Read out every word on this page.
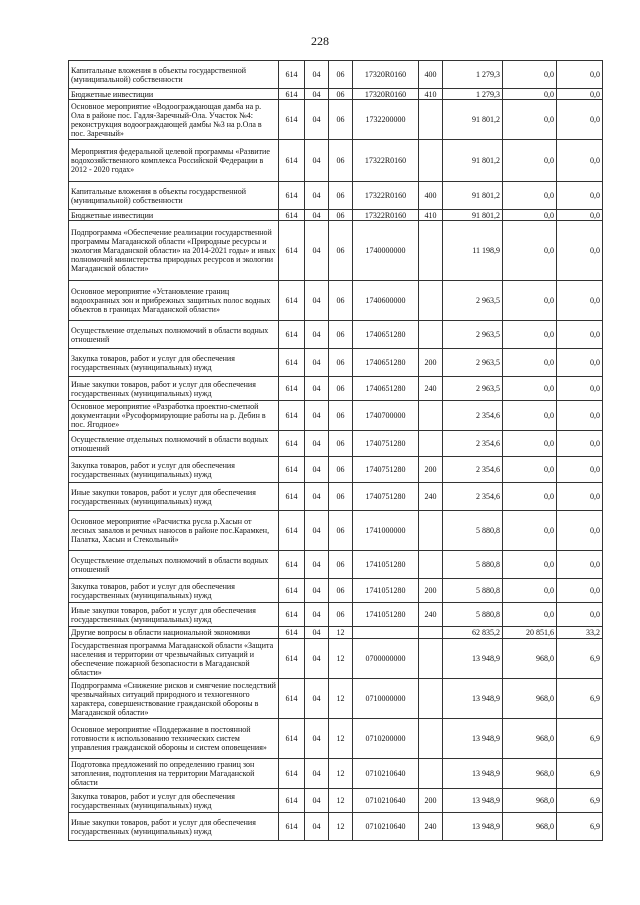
228
Капитальные вложения в объекты государственной (муниципальной) собственности	614	04	06	17320R0160	400	1 279,3	0,0	0,0
Бюджетные инвестиции	614	04	06	17320R0160	410	1 279,3	0,0	0,0
Основное мероприятие «Водоограждающая дамба на р. Ола в районе пос. Гадля-Заречный-Ола. Участок №4: реконструкция водоограждающей дамбы №3 на р.Ола в пос. Заречный»	614	04	06	1732200000		91 801,2	0,0	0,0
Мероприятия федеральной целевой программы «Развитие водохозяйственного комплекса Российской Федерации в 2012 - 2020 годах»	614	04	06	17322R0160		91 801,2	0,0	0,0
Капитальные вложения в объекты государственной (муниципальной) собственности	614	04	06	17322R0160	400	91 801,2	0,0	0,0
Бюджетные инвестиции	614	04	06	17322R0160	410	91 801,2	0,0	0,0
Подпрограмма «Обеспечение реализации государственной программы Магаданской области «Природные ресурсы и экология Магаданской области» на 2014-2021 годы» и иных полномочий министерства природных ресурсов и экологии Магаданской области»	614	04	06	1740000000		11 198,9	0,0	0,0
Основное мероприятие «Установление границ водоохранных зон и прибрежных защитных полос водных объектов в границах Магаданской области»	614	04	06	1740600000		2 963,5	0,0	0,0
Осуществление отдельных полномочий в области водных отношений	614	04	06	1740651280		2 963,5	0,0	0,0
Закупка товаров, работ и услуг для обеспечения государственных (муниципальных) нужд	614	04	06	1740651280	200	2 963,5	0,0	0,0
Иные закупки товаров, работ и услуг для обеспечения государственных (муниципальных) нужд	614	04	06	1740651280	240	2 963,5	0,0	0,0
Основное мероприятие «Разработка проектно-сметной документации «Русоформирующие работы на р. Дебин в пос. Ягодное»	614	04	06	1740700000		2 354,6	0,0	0,0
Осуществление отдельных полномочий в области водных отношений	614	04	06	1740751280		2 354,6	0,0	0,0
Закупка товаров, работ и услуг для обеспечения государственных (муниципальных) нужд	614	04	06	1740751280	200	2 354,6	0,0	0,0
Иные закупки товаров, работ и услуг для обеспечения государственных (муниципальных) нужд	614	04	06	1740751280	240	2 354,6	0,0	0,0
Основное мероприятие «Расчистка русла р.Хасын от лесных завалов и речных наносов в районе пос.Карамкен, Палатка, Хасын и Стекольный»	614	04	06	1741000000		5 880,8	0,0	0,0
Осуществление отдельных полномочий в области водных отношений	614	04	06	1741051280		5 880,8	0,0	0,0
Закупка товаров, работ и услуг для обеспечения государственных (муниципальных) нужд	614	04	06	1741051280	200	5 880,8	0,0	0,0
Иные закупки товаров, работ и услуг для обеспечения государственных (муниципальных) нужд	614	04	06	1741051280	240	5 880,8	0,0	0,0
Другие вопросы в области национальной экономики	614	04	12			62 835,2	20 851,6	33,2
Государственная программа Магаданской области «Защита населения и территории от чрезвычайных ситуаций и обеспечение пожарной безопасности в Магаданской области»	614	04	12	0700000000		13 948,9	968,0	6,9
Подпрограмма «Снижение рисков и смягчение последствий чрезвычайных ситуаций природного и техногенного характера, совершенствование гражданской обороны в Магаданской области»	614	04	12	0710000000		13 948,9	968,0	6,9
Основное мероприятие «Поддержание в постоянной готовности к использованию технических систем управления гражданской обороны и систем оповещения»	614	04	12	0710200000		13 948,9	968,0	6,9
Подготовка предложений по определению границ зон затопления, подтопления на территории Магаданской области	614	04	12	0710210640		13 948,9	968,0	6,9
Закупка товаров, работ и услуг для обеспечения государственных (муниципальных) нужд	614	04	12	0710210640	200	13 948,9	968,0	6,9
Иные закупки товаров, работ и услуг для обеспечения государственных (муниципальных) нужд	614	04	12	0710210640	240	13 948,9	968,0	6,9
